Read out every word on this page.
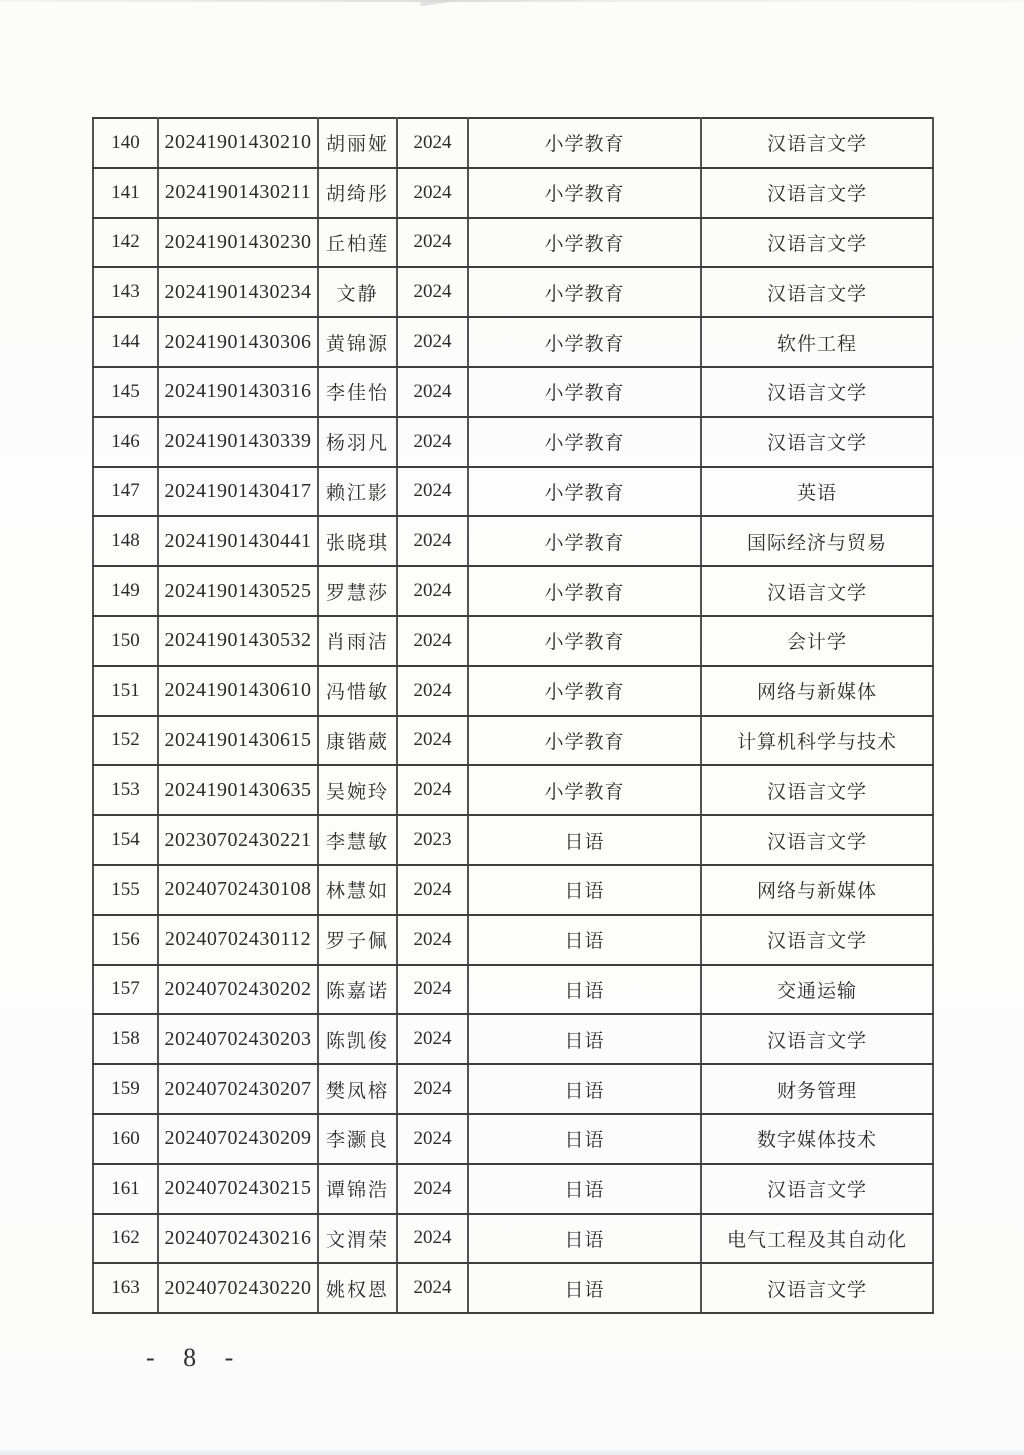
140	20241901430210	胡丽娅	2024	小学教育	汉语言文学
141	20241901430211	胡绮彤	2024	小学教育	汉语言文学
142	20241901430230	丘柏莲	2024	小学教育	汉语言文学
143	20241901430234	文静	2024	小学教育	汉语言文学
144	20241901430306	黄锦源	2024	小学教育	软件工程
145	20241901430316	李佳怡	2024	小学教育	汉语言文学
146	20241901430339	杨羽凡	2024	小学教育	汉语言文学
147	20241901430417	赖江影	2024	小学教育	英语
148	20241901430441	张晓琪	2024	小学教育	国际经济与贸易
149	20241901430525	罗慧莎	2024	小学教育	汉语言文学
150	20241901430532	肖雨洁	2024	小学教育	会计学
151	20241901430610	冯惜敏	2024	小学教育	网络与新媒体
152	20241901430615	康锴葳	2024	小学教育	计算机科学与技术
153	20241901430635	吴婉玲	2024	小学教育	汉语言文学
154	20230702430221	李慧敏	2023	日语	汉语言文学
155	20240702430108	林慧如	2024	日语	网络与新媒体
156	20240702430112	罗子佩	2024	日语	汉语言文学
157	20240702430202	陈嘉诺	2024	日语	交通运输
158	20240702430203	陈凯俊	2024	日语	汉语言文学
159	20240702430207	樊凤榕	2024	日语	财务管理
160	20240702430209	李灏良	2024	日语	数字媒体技术
161	20240702430215	谭锦浩	2024	日语	汉语言文学
162	20240702430216	文渭荣	2024	日语	电气工程及其自动化
163	20240702430220	姚权恩	2024	日语	汉语言文学
- 8 -
